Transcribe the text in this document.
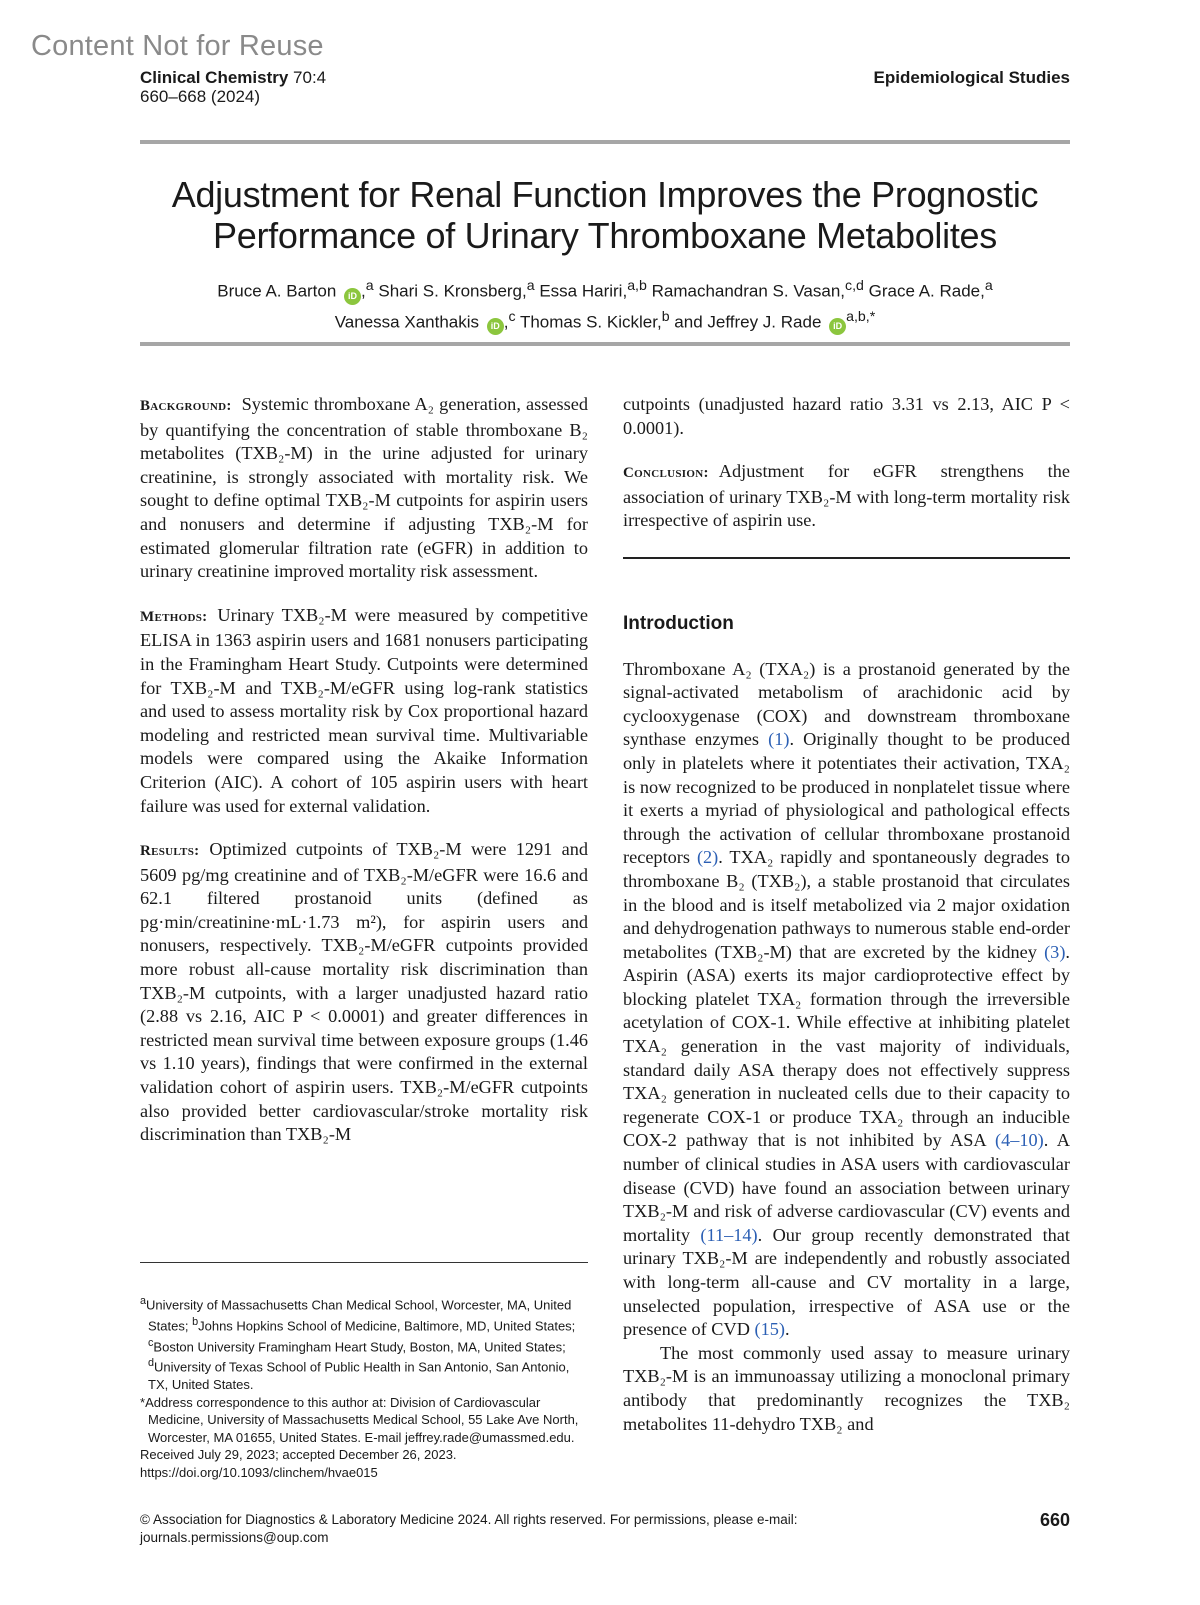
Content Not for Reuse
Clinical Chemistry 70:4
660–668 (2024)
Epidemiological Studies
Adjustment for Renal Function Improves the Prognostic
Performance of Urinary Thromboxane Metabolites
Bruce A. Barton iD ,$^a$ Shari S. Kronsberg,$^a$ Essa Hariri,$^{a,b}$ Ramachandran S. Vasan,$^{c,d}$ Grace A. Rade,$^a$
Vanessa Xanthakis iD ,$^c$ Thomas S. Kickler,$^b$ and Jeffrey J. Rade $iD^{a,b,*}$

Background: Systemic thromboxane A₂ generation, assessed by quantifying the concentration of stable thromboxane B₂ metabolites (TXB₂-M) in the urine adjusted for urinary creatinine, is strongly associated with mortality risk. We sought to define optimal TXB₂-M cutpoints for aspirin users and nonusers and determine if adjusting TXB₂-M for estimated glomerular filtration rate (eGFR) in addition to urinary creatinine improved mortality risk assessment.

Methods: Urinary TXB₂-M were measured by competitive ELISA in 1363 aspirin users and 1681 nonusers participating in the Framingham Heart Study. Cutpoints were determined for TXB₂-M and TXB₂-M/eGFR using log-rank statistics and used to assess mortality risk by Cox proportional hazard modeling and restricted mean survival time. Multivariable models were compared using the Akaike Information Criterion (AIC). A cohort of 105 aspirin users with heart failure was used for external validation.

Results: Optimized cutpoints of TXB₂-M were 1291 and 5609 pg/mg creatinine and of TXB₂-M/eGFR were 16.6 and 62.1 filtered prostanoid units (defined as pg·min/creatinine·mL·1.73 m²), for aspirin users and nonusers, respectively. TXB₂-M/eGFR cutpoints provided more robust all-cause mortality risk discrimination than TXB₂-M cutpoints, with a larger unadjusted hazard ratio (2.88 vs 2.16, AIC P < 0.0001) and greater differences in restricted mean survival time between exposure groups (1.46 vs 1.10 years), findings that were confirmed in the external validation cohort of aspirin users. TXB₂-M/eGFR cutpoints also provided better cardiovascular/stroke mortality risk discrimination than TXB₂-M

cutpoints (unadjusted hazard ratio 3.31 vs 2.13, AIC P < 0.0001).

Conclusion: Adjustment for eGFR strengthens the association of urinary TXB₂-M with long-term mortality risk irrespective of aspirin use.

Introduction

Thromboxane A₂ (TXA₂) is a prostanoid generated by the signal-activated metabolism of arachidonic acid by cyclooxygenase (COX) and downstream thromboxane synthase enzymes (1). Originally thought to be produced only in platelets where it potentiates their activation, TXA₂ is now recognized to be produced in nonplatelet tissue where it exerts a myriad of physiological and pathological effects through the activation of cellular thromboxane prostanoid receptors (2). TXA₂ rapidly and spontaneously degrades to thromboxane B₂ (TXB₂), a stable prostanoid that circulates in the blood and is itself metabolized via 2 major oxidation and dehydrogenation pathways to numerous stable end-order metabolites (TXB₂-M) that are excreted by the kidney (3). Aspirin (ASA) exerts its major cardioprotective effect by blocking platelet TXA₂ formation through the irreversible acetylation of COX-1. While effective at inhibiting platelet TXA₂ generation in the vast majority of individuals, standard daily ASA therapy does not effectively suppress TXA₂ generation in nucleated cells due to their capacity to regenerate COX-1 or produce TXA₂ through an inducible COX-2 pathway that is not inhibited by ASA (4–10). A number of clinical studies in ASA users with cardiovascular disease (CVD) have found an association between urinary TXB₂-M and risk of adverse cardiovascular (CV) events and mortality (11–14). Our group recently demonstrated that urinary TXB₂-M are independently and robustly associated with long-term all-cause and CV mortality in a large, unselected population, irrespective of ASA use or the presence of CVD (15).

The most commonly used assay to measure urinary TXB₂-M is an immunoassay utilizing a monoclonal primary antibody that predominantly recognizes the TXB₂ metabolites 11-dehydro TXB₂ and

$^a$University of Massachusetts Chan Medical School, Worcester, MA, United States; $^b$Johns Hopkins School of Medicine, Baltimore, MD, United States; $^c$Boston University Framingham Heart Study, Boston, MA, United States; $^d$University of Texas School of Public Health in San Antonio, San Antonio, TX, United States.
*Address correspondence to this author at: Division of Cardiovascular Medicine, University of Massachusetts Medical School, 55 Lake Ave North, Worcester, MA 01655, United States. E-mail jeffrey.rade@umassmed.edu.
Received July 29, 2023; accepted December 26, 2023.
https://doi.org/10.1093/clinchem/hvae015
© Association for Diagnostics & Laboratory Medicine 2024. All rights reserved. For permissions, please e-mail:
journals.permissions@oup.com
660
